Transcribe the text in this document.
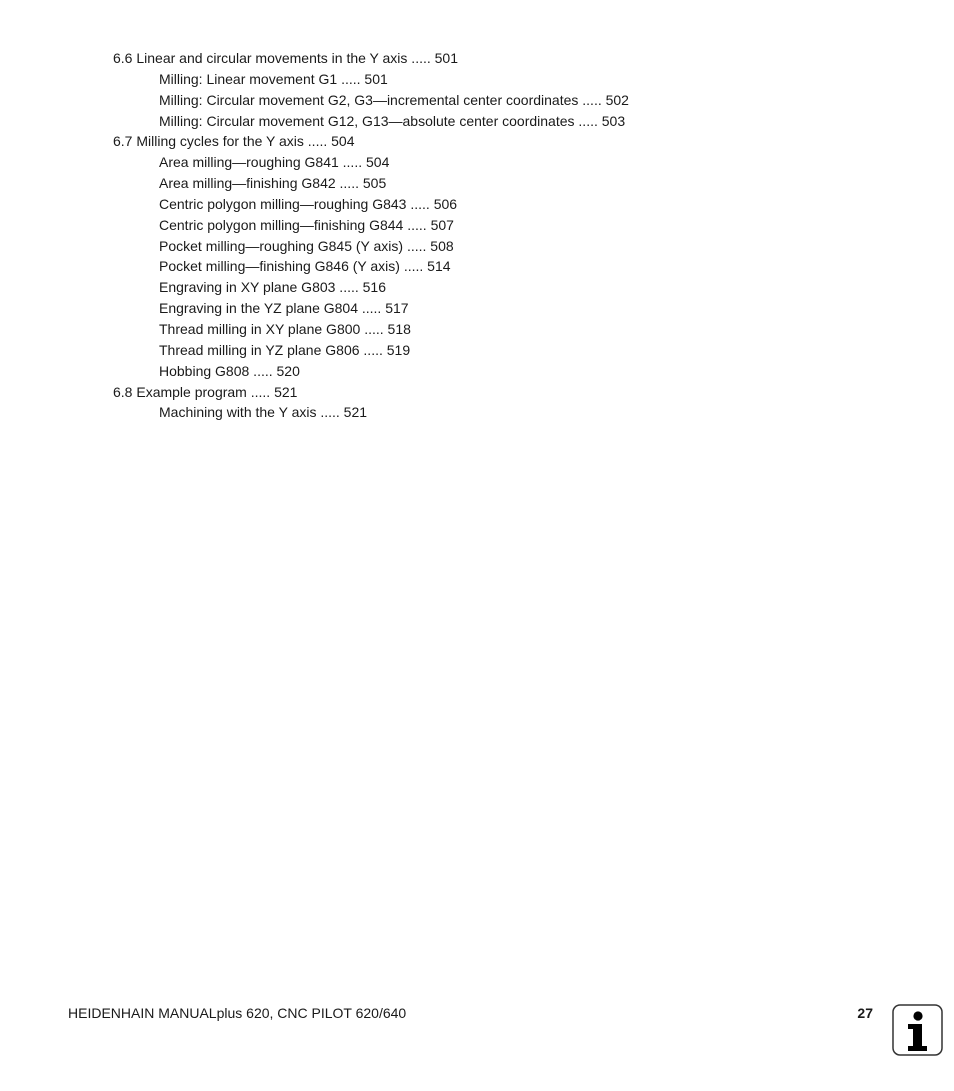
6.6 Linear and circular movements in the Y axis ..... 501
Milling: Linear movement G1 ..... 501
Milling: Circular movement G2, G3—incremental center coordinates ..... 502
Milling: Circular movement G12, G13—absolute center coordinates ..... 503
6.7 Milling cycles for the Y axis ..... 504
Area milling—roughing G841 ..... 504
Area milling—finishing G842 ..... 505
Centric polygon milling—roughing G843 ..... 506
Centric polygon milling—finishing G844 ..... 507
Pocket milling—roughing G845 (Y axis) ..... 508
Pocket milling—finishing G846 (Y axis) ..... 514
Engraving in XY plane G803 ..... 516
Engraving in the YZ plane G804 ..... 517
Thread milling in XY plane G800 ..... 518
Thread milling in YZ plane G806 ..... 519
Hobbing G808 ..... 520
6.8 Example program ..... 521
Machining with the Y axis ..... 521
HEIDENHAIN MANUALplus 620, CNC PILOT 620/640	27
